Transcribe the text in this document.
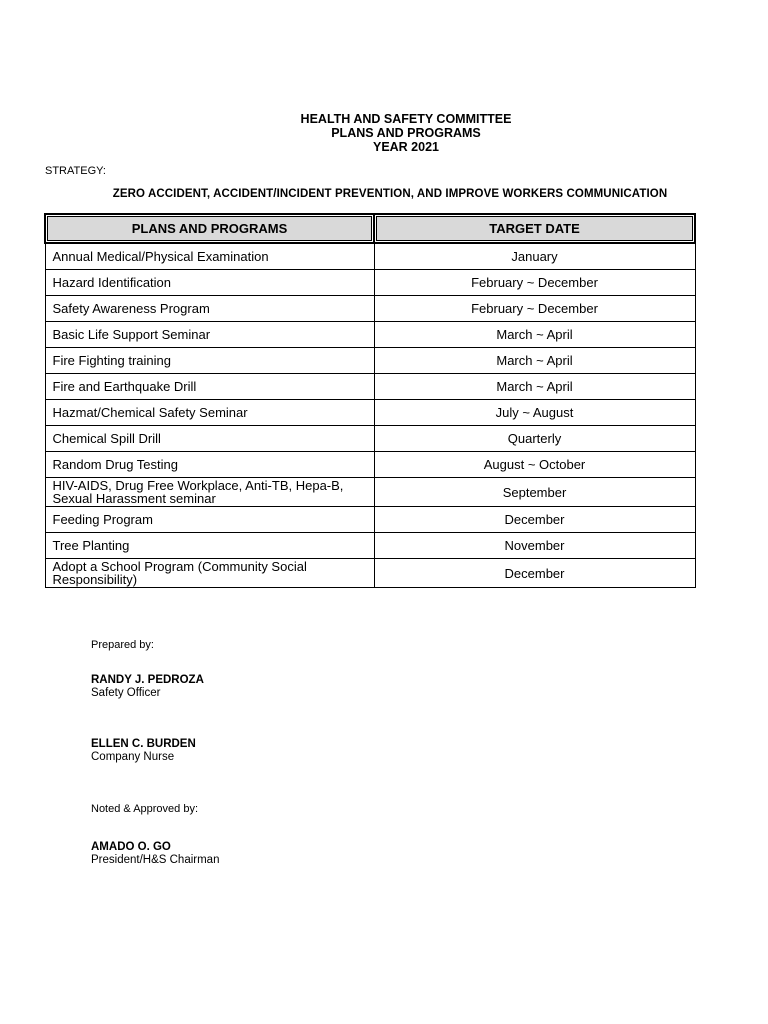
HEALTH AND SAFETY COMMITTEE
PLANS AND PROGRAMS
YEAR 2021
STRATEGY:
ZERO ACCIDENT, ACCIDENT/INCIDENT PREVENTION, AND IMPROVE WORKERS COMMUNICATION
PLANS AND PROGRAMS	TARGET DATE
Annual Medical/Physical Examination	January
Hazard Identification	February ~ December
Safety Awareness Program	February ~ December
Basic Life Support Seminar	March ~ April
Fire Fighting training	March ~ April
Fire and Earthquake Drill	March ~ April
Hazmat/Chemical Safety Seminar	July ~ August
Chemical Spill Drill	Quarterly
Random Drug Testing	August ~ October
HIV-AIDS, Drug Free Workplace, Anti-TB, Hepa-B, Sexual Harassment seminar	September
Feeding Program	December
Tree Planting	November
Adopt a School Program (Community Social Responsibility)	December
Prepared by:
RANDY J. PEDROZA
Safety Officer
ELLEN C. BURDEN
Company Nurse
Noted & Approved by:
AMADO O. GO
President/H&S Chairman
